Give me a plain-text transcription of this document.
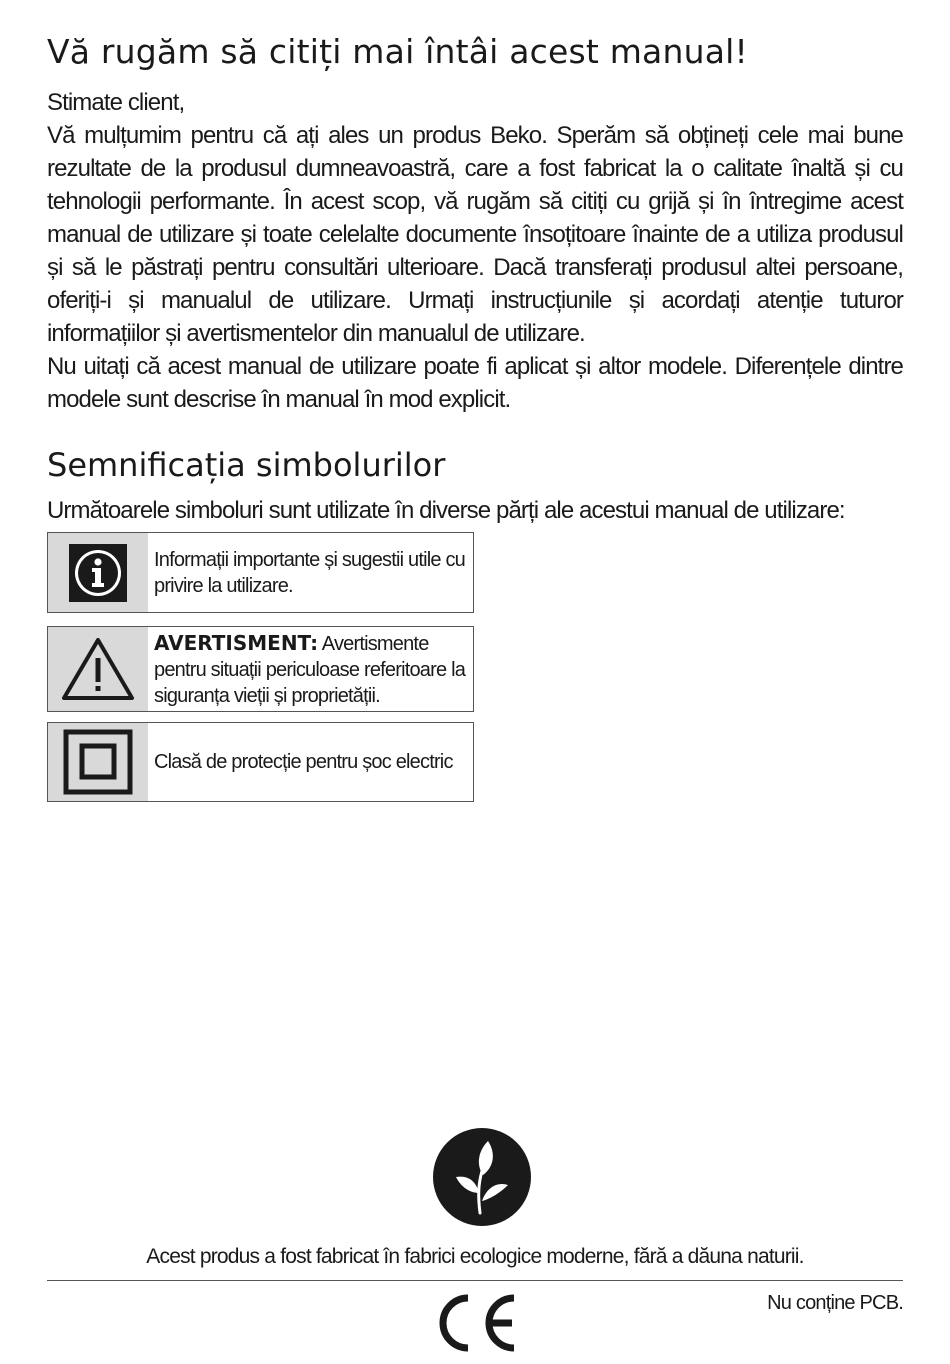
Vă rugăm să citiți mai întâi acest manual!

Stimate client,

Vă mulțumim pentru că ați ales un produs Beko. Sperăm să obțineți cele mai bune rezultate de la produsul dumneavoastră, care a fost fabricat la o calitate înaltă și cu tehnologii performante. În acest scop, vă rugăm să citiți cu grijă și în întregime acest manual de utilizare și toate celelalte documente însoțitoare înainte de a utiliza produsul și să le păstrați pentru consultări ulterioare. Dacă transferați produsul altei persoane, oferiți-i și manualul de utilizare. Urmați instrucțiunile și acordați atenție tuturor informațiilor și avertismentelor din manualul de utilizare.

Nu uitați că acest manual de utilizare poate fi aplicat și altor modele. Diferențele dintre modele sunt descrise în manual în mod explicit.

Semnificația simbolurilor
Următoarele simboluri sunt utilizate în diverse părți ale acestui manual de utilizare:
Informații importante și sugestii utile cu privire la utilizare.
AVERTISMENT: Avertismente pentru situații periculoase referitoare la siguranța vieții și proprietății.
Clasă de protecție pentru șoc electric
Acest produs a fost fabricat în fabrici ecologice moderne, fără a dăuna naturii.
Nu conține PCB.
